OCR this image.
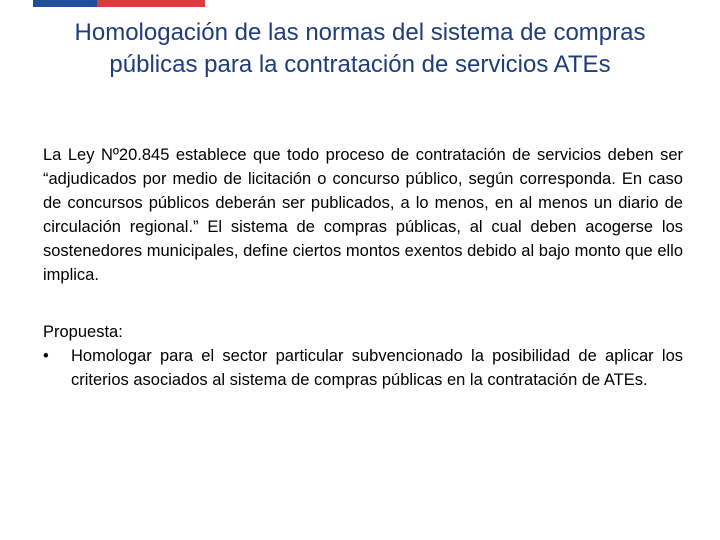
Homologación de las normas del sistema de compras públicas para la contratación de servicios ATEs

La Ley Nº20.845 establece que todo proceso de contratación de servicios deben ser “adjudicados por medio de licitación o concurso público, según corresponda. En caso de concursos públicos deberán ser publicados, a lo menos, en al menos un diario de circulación regional.” El sistema de compras públicas, al cual deben acogerse los sostenedores municipales, define ciertos montos exentos debido al bajo monto que ello implica.

Propuesta:

• Homologar para el sector particular subvencionado la posibilidad de aplicar los criterios asociados al sistema de compras públicas en la contratación de ATEs.
